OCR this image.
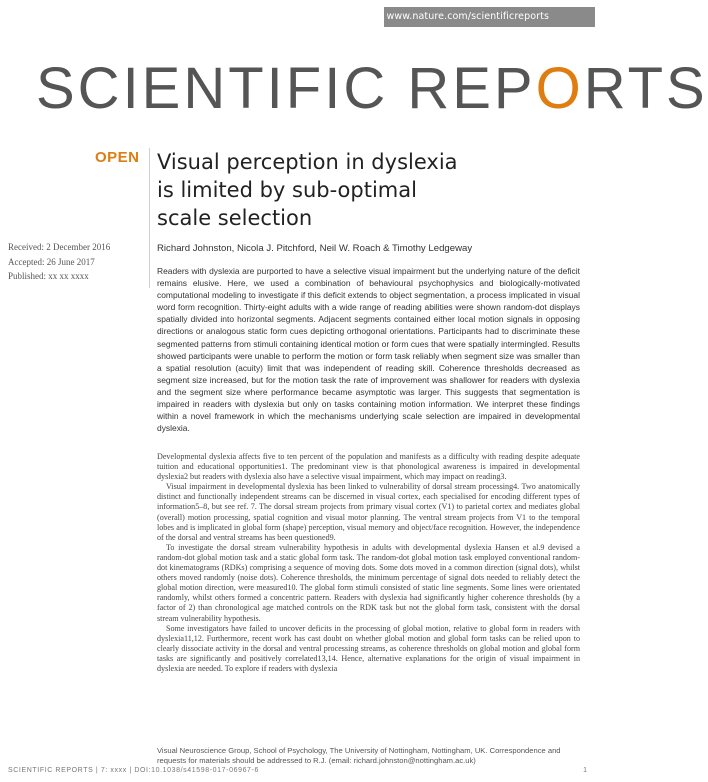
www.nature.com/scientificreports
SCIENTIFIC REPORTS
OPEN Visual perception in dyslexia is limited by sub-optimal scale selection
Received: 2 December 2016
Accepted: 26 June 2017
Published: xx xx xxxx
Richard Johnston, Nicola J. Pitchford, Neil W. Roach & Timothy Ledgeway
Readers with dyslexia are purported to have a selective visual impairment but the underlying nature of the deficit remains elusive. Here, we used a combination of behavioural psychophysics and biologically-motivated computational modeling to investigate if this deficit extends to object segmentation, a process implicated in visual word form recognition. Thirty-eight adults with a wide range of reading abilities were shown random-dot displays spatially divided into horizontal segments. Adjacent segments contained either local motion signals in opposing directions or analogous static form cues depicting orthogonal orientations. Participants had to discriminate these segmented patterns from stimuli containing identical motion or form cues that were spatially intermingled. Results showed participants were unable to perform the motion or form task reliably when segment size was smaller than a spatial resolution (acuity) limit that was independent of reading skill. Coherence thresholds decreased as segment size increased, but for the motion task the rate of improvement was shallower for readers with dyslexia and the segment size where performance became asymptotic was larger. This suggests that segmentation is impaired in readers with dyslexia but only on tasks containing motion information. We interpret these findings within a novel framework in which the mechanisms underlying scale selection are impaired in developmental dyslexia.

Developmental dyslexia affects five to ten percent of the population and manifests as a difficulty with reading despite adequate tuition and educational opportunities1. The predominant view is that phonological awareness is impaired in developmental dyslexia2 but readers with dyslexia also have a selective visual impairment, which may impact on reading3.

Visual impairment in developmental dyslexia has been linked to vulnerability of dorsal stream processing4. Two anatomically distinct and functionally independent streams can be discerned in visual cortex, each specialised for encoding different types of information5–8, but see ref. 7. The dorsal stream projects from primary visual cortex (V1) to parietal cortex and mediates global (overall) motion processing, spatial cognition and visual motor planning. The ventral stream projects from V1 to the temporal lobes and is implicated in global form (shape) perception, visual memory and object/face recognition. However, the independence of the dorsal and ventral streams has been questioned9.

To investigate the dorsal stream vulnerability hypothesis in adults with developmental dyslexia Hansen et al.9 devised a random-dot global motion task and a static global form task. The random-dot global motion task employed conventional random-dot kinematograms (RDKs) comprising a sequence of moving dots. Some dots moved in a common direction (signal dots), whilst others moved randomly (noise dots). Coherence thresholds, the minimum percentage of signal dots needed to reliably detect the global motion direction, were measured10. The global form stimuli consisted of static line segments. Some lines were orientated randomly, whilst others formed a concentric pattern. Readers with dyslexia had significantly higher coherence thresholds (by a factor of 2) than chronological age matched controls on the RDK task but not the global form task, consistent with the dorsal stream vulnerability hypothesis.

Some investigators have failed to uncover deficits in the processing of global motion, relative to global form in readers with dyslexia11,12. Furthermore, recent work has cast doubt on whether global motion and global form tasks can be relied upon to clearly dissociate activity in the dorsal and ventral processing streams, as coherence thresholds on global motion and global form tasks are significantly and positively correlated13,14. Hence, alternative explanations for the origin of visual impairment in dyslexia are needed. To explore if readers with dyslexia

Visual Neuroscience Group, School of Psychology, The University of Nottingham, Nottingham, UK. Correspondence and requests for materials should be addressed to R.J. (email: richard.johnston@nottingham.ac.uk)
SCIENTIFIC REPORTS | 7: xxxx | DOI:10.1038/s41598-017-06967-6	1
